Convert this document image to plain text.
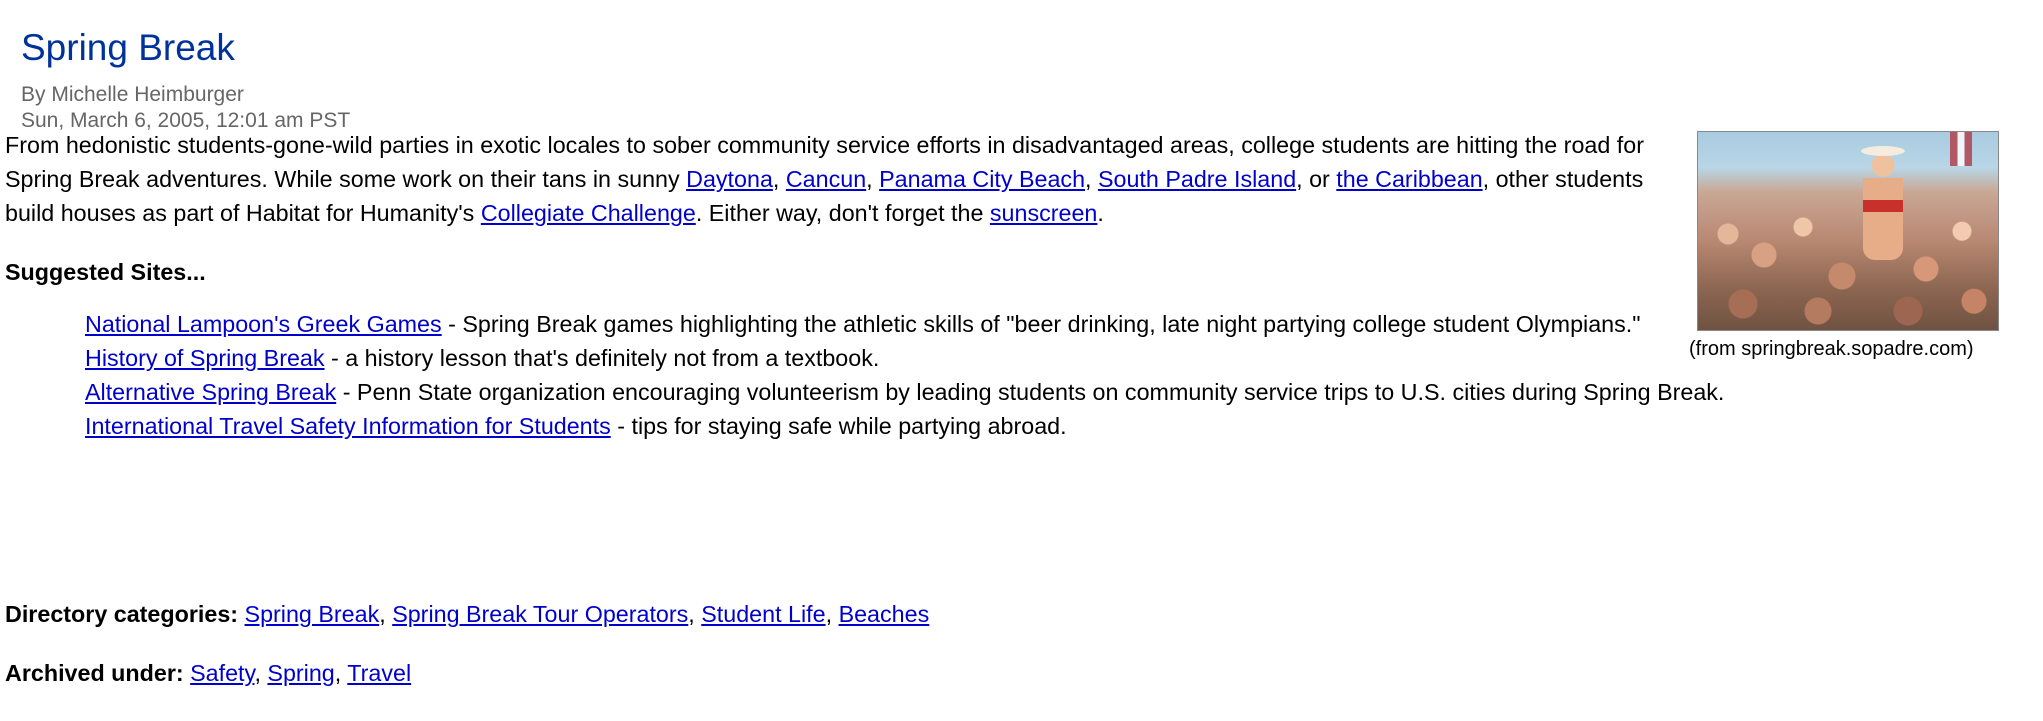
Spring Break
By Michelle Heimburger
Sun, March 6, 2005, 12:01 am PST
(from springbreak.sopadre.com)

From hedonistic students-gone-wild parties in exotic locales to sober community service efforts in disadvantaged areas, college students are hitting the road for Spring Break adventures. While some work on their tans in sunny Daytona, Cancun, Panama City Beach, South Padre Island, or the Caribbean, other students build houses as part of Habitat for Humanity's Collegiate Challenge. Either way, don't forget the sunscreen.

Suggested Sites...
National Lampoon's Greek Games - Spring Break games highlighting the athletic skills of "beer drinking, late night partying college student Olympians."
History of Spring Break - a history lesson that's definitely not from a textbook.
Alternative Spring Break - Penn State organization encouraging volunteerism by leading students on community service trips to U.S. cities during Spring Break.
International Travel Safety Information for Students - tips for staying safe while partying abroad.
Directory categories: Spring Break, Spring Break Tour Operators, Student Life, Beaches
Archived under: Safety, Spring, Travel
